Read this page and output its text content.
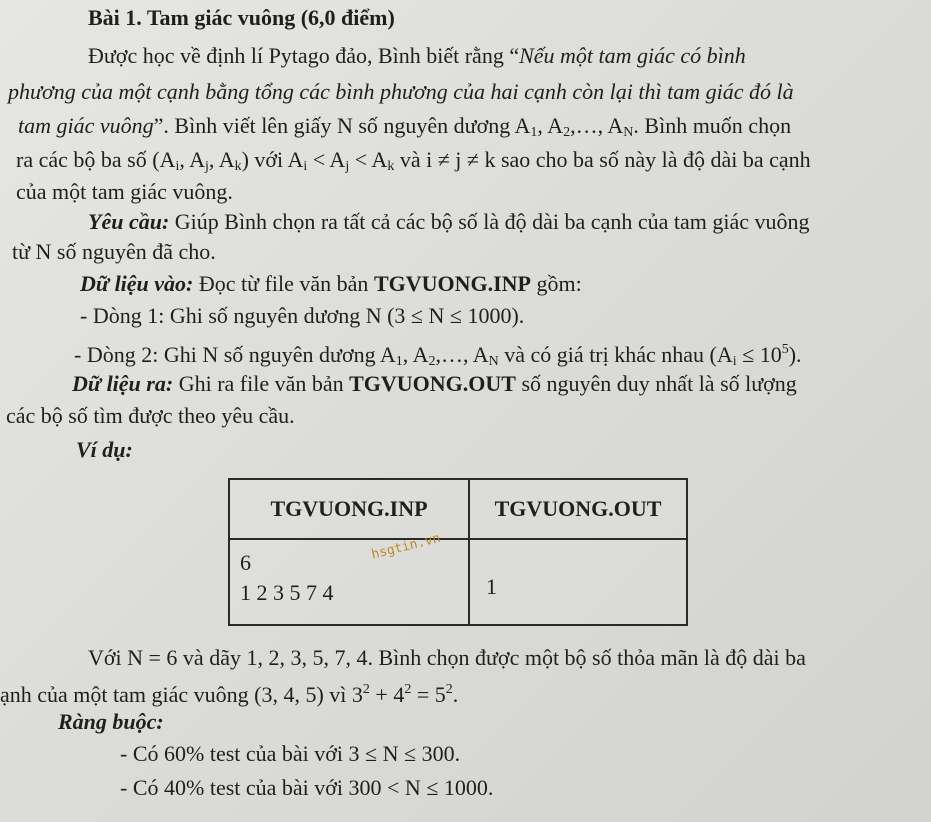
Bài 1. Tam giác vuông (6,0 điểm)
Được học về định lí Pytago đảo, Bình biết rằng “Nếu một tam giác có bình
phương của một cạnh bằng tổng các bình phương của hai cạnh còn lại thì tam giác đó là
tam giác vuông”. Bình viết lên giấy N số nguyên dương $A_1$, $A_2,\dots$, $A_N$. Bình muốn chọn
ra các bộ ba số ($A_i$, $A_j$, $A_k$) với $A_i < A_j < A_k$ và i ≠ j ≠ k sao cho ba số này là độ dài ba cạnh
của một tam giác vuông.
Yêu cầu: Giúp Bình chọn ra tất cả các bộ số là độ dài ba cạnh của tam giác vuông
từ N số nguyên đã cho.
Dữ liệu vào: Đọc từ file văn bản TGVUONG.INP gồm:
- Dòng 1: Ghi số nguyên dương N (3 ≤ N ≤ 1000).
- Dòng 2: Ghi N số nguyên dương $A_1$, $A_2,\dots$, $A_N$ và có giá trị khác nhau $(A_i \le 10^5)$.
Dữ liệu ra: Ghi ra file văn bản TGVUONG.OUT số nguyên duy nhất là số lượng
các bộ số tìm được theo yêu cầu.
Ví dụ:
TGVUONG.INP	TGVUONG.OUT

6
1 2 3 5 7 4	1
hsgtin.vn
Với N = 6 và dãy 1, 2, 3, 5, 7, 4. Bình chọn được một bộ số thỏa mãn là độ dài ba
ạnh của một tam giác vuông (3, 4, 5) vì $3^2 + 4^2 = 5^2$.
Ràng buộc:
- Có 60% test của bài với 3 ≤ N ≤ 300.
- Có 40% test của bài với 300 < N ≤ 1000.
